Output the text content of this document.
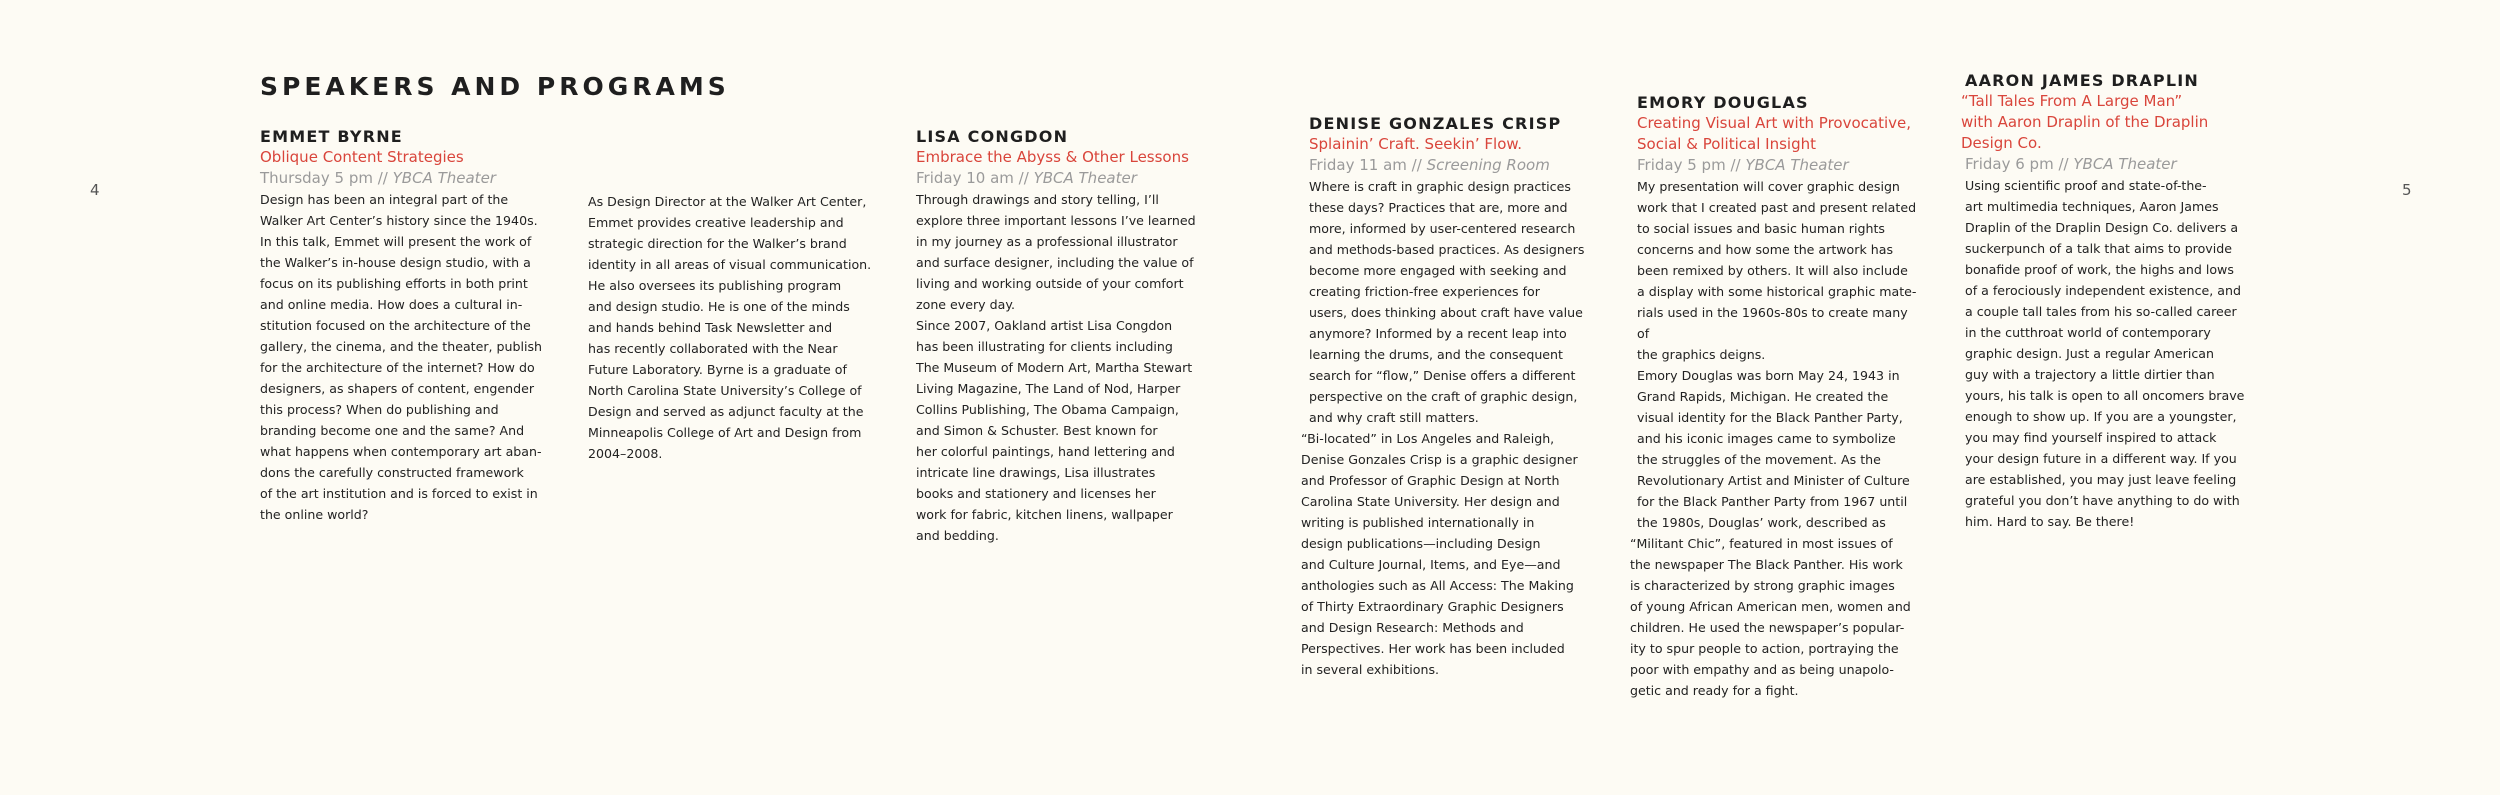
4	5
SPEAKERS AND PROGRAMS
EMMET BYRNE
Oblique Content Strategies
Thursday 5 pm // YBCA Theater
Design has been an integral part of the
Walker Art Center’s history since the 1940s.
In this talk, Emmet will present the work of
the Walker’s in-house design studio, with a
focus on its publishing efforts in both print
and online media. How does a cultural in-
stitution focused on the architecture of the
gallery, the cinema, and the theater, publish
for the architecture of the internet? How do
designers, as shapers of content, engender
this process? When do publishing and
branding become one and the same? And
what happens when contemporary art aban-
dons the carefully constructed framework
of the art institution and is forced to exist in
the online world?
As Design Director at the Walker Art Center,
Emmet provides creative leadership and
strategic direction for the Walker’s brand
identity in all areas of visual communication.
He also oversees its publishing program
and design studio. He is one of the minds
and hands behind Task Newsletter and
has recently collaborated with the Near
Future Laboratory. Byrne is a graduate of
North Carolina State University’s College of
Design and served as adjunct faculty at the
Minneapolis College of Art and Design from
2004–2008.
LISA CONGDON
Embrace the Abyss & Other Lessons
Friday 10 am // YBCA Theater
Through drawings and story telling, I’ll
explore three important lessons I’ve learned
in my journey as a professional illustrator
and surface designer, including the value of
living and working outside of your comfort
zone every day.
Since 2007, Oakland artist Lisa Congdon
has been illustrating for clients including
The Museum of Modern Art, Martha Stewart
Living Magazine, The Land of Nod, Harper
Collins Publishing, The Obama Campaign,
and Simon & Schuster. Best known for
her colorful paintings, hand lettering and
intricate line drawings, Lisa illustrates
books and stationery and licenses her
work for fabric, kitchen linens, wallpaper
and bedding.
DENISE GONZALES CRISP
Splainin’ Craft. Seekin’ Flow.
Friday 11 am // Screening Room
Where is craft in graphic design practices
these days? Practices that are, more and
more, informed by user-centered research
and methods-based practices. As designers
become more engaged with seeking and
creating friction-free experiences for
users, does thinking about craft have value
anymore? Informed by a recent leap into
learning the drums, and the consequent
search for “flow,” Denise offers a different
perspective on the craft of graphic design,
and why craft still matters.
“Bi-located” in Los Angeles and Raleigh,
Denise Gonzales Crisp is a graphic designer
and Professor of Graphic Design at North
Carolina State University. Her design and
writing is published internationally in
design publications—including Design
and Culture Journal, Items, and Eye—and
anthologies such as All Access: The Making
of Thirty Extraordinary Graphic Designers
and Design Research: Methods and
Perspectives. Her work has been included
in several exhibitions.
EMORY DOUGLAS
Creating Visual Art with Provocative,
Social & Political Insight
Friday 5 pm // YBCA Theater
My presentation will cover graphic design
work that I created past and present related
to social issues and basic human rights
concerns and how some the artwork has
been remixed by others. It will also include
a display with some historical graphic mate-
rials used in the 1960s-80s to create many of
the graphics deigns.
Emory Douglas was born May 24, 1943 in
Grand Rapids, Michigan. He created the
visual identity for the Black Panther Party,
and his iconic images came to symbolize
the struggles of the movement. As the
Revolutionary Artist and Minister of Culture
for the Black Panther Party from 1967 until
the 1980s, Douglas’ work, described as
“Militant Chic”, featured in most issues of
the newspaper The Black Panther. His work
is characterized by strong graphic images
of young African American men, women and
children. He used the newspaper’s popular-
ity to spur people to action, portraying the
poor with empathy and as being unapolo-
getic and ready for a fight.
AARON JAMES DRAPLIN
“Tall Tales From A Large Man”
with Aaron Draplin of the Draplin
Design Co.
Friday 6 pm // YBCA Theater
Using scientific proof and state-of-the-
art multimedia techniques, Aaron James
Draplin of the Draplin Design Co. delivers a
suckerpunch of a talk that aims to provide
bonafide proof of work, the highs and lows
of a ferociously independent existence, and
a couple tall tales from his so-called career
in the cutthroat world of contemporary
graphic design. Just a regular American
guy with a trajectory a little dirtier than
yours, his talk is open to all oncomers brave
enough to show up. If you are a youngster,
you may find yourself inspired to attack
your design future in a different way. If you
are established, you may just leave feeling
grateful you don’t have anything to do with
him. Hard to say. Be there!
